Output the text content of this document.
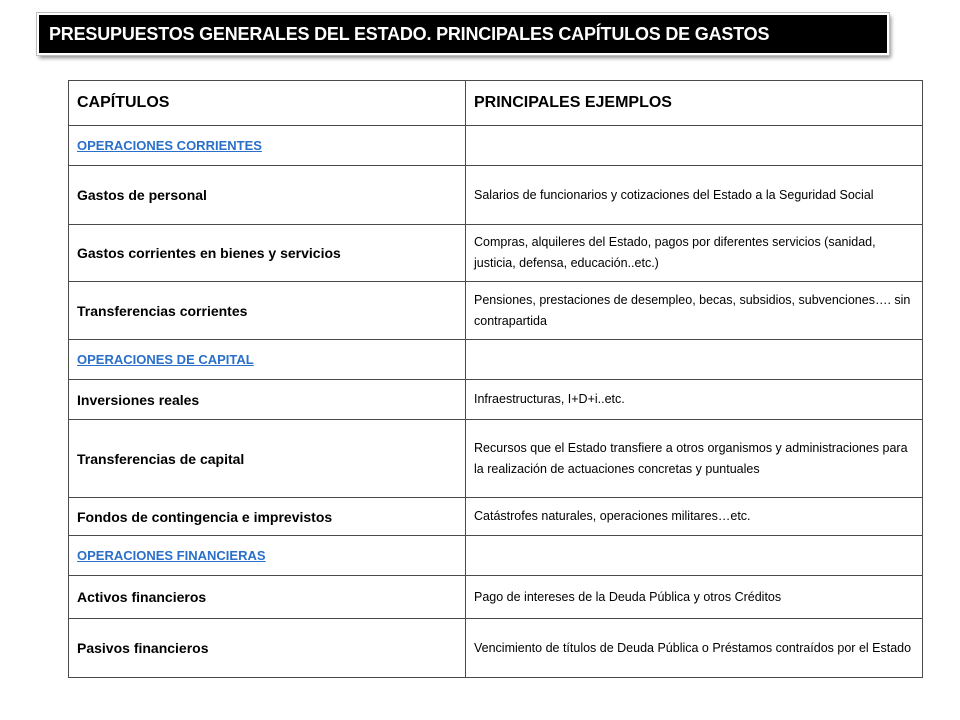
PRESUPUESTOS GENERALES DEL ESTADO. PRINCIPALES CAPÍTULOS DE GASTOS
CAPÍTULOS	PRINCIPALES EJEMPLOS
OPERACIONES CORRIENTES	
Gastos de personal	Salarios de funcionarios y cotizaciones del Estado a la Seguridad Social
Gastos corrientes en bienes y servicios	Compras, alquileres del Estado, pagos por diferentes servicios (sanidad, justicia, defensa, educación..etc.)
Transferencias corrientes	Pensiones, prestaciones de desempleo, becas, subsidios, subvenciones…. sin contrapartida
OPERACIONES DE CAPITAL	
Inversiones reales	Infraestructuras, I+D+i..etc.
Transferencias de capital	Recursos que el Estado transfiere a otros organismos y administraciones para la realización de actuaciones concretas y puntuales
Fondos de contingencia e imprevistos	Catástrofes naturales, operaciones militares…etc.
OPERACIONES FINANCIERAS	
Activos financieros	Pago de intereses de la Deuda Pública y otros Créditos
Pasivos financieros	Vencimiento de títulos de Deuda Pública o Préstamos contraídos por el Estado
